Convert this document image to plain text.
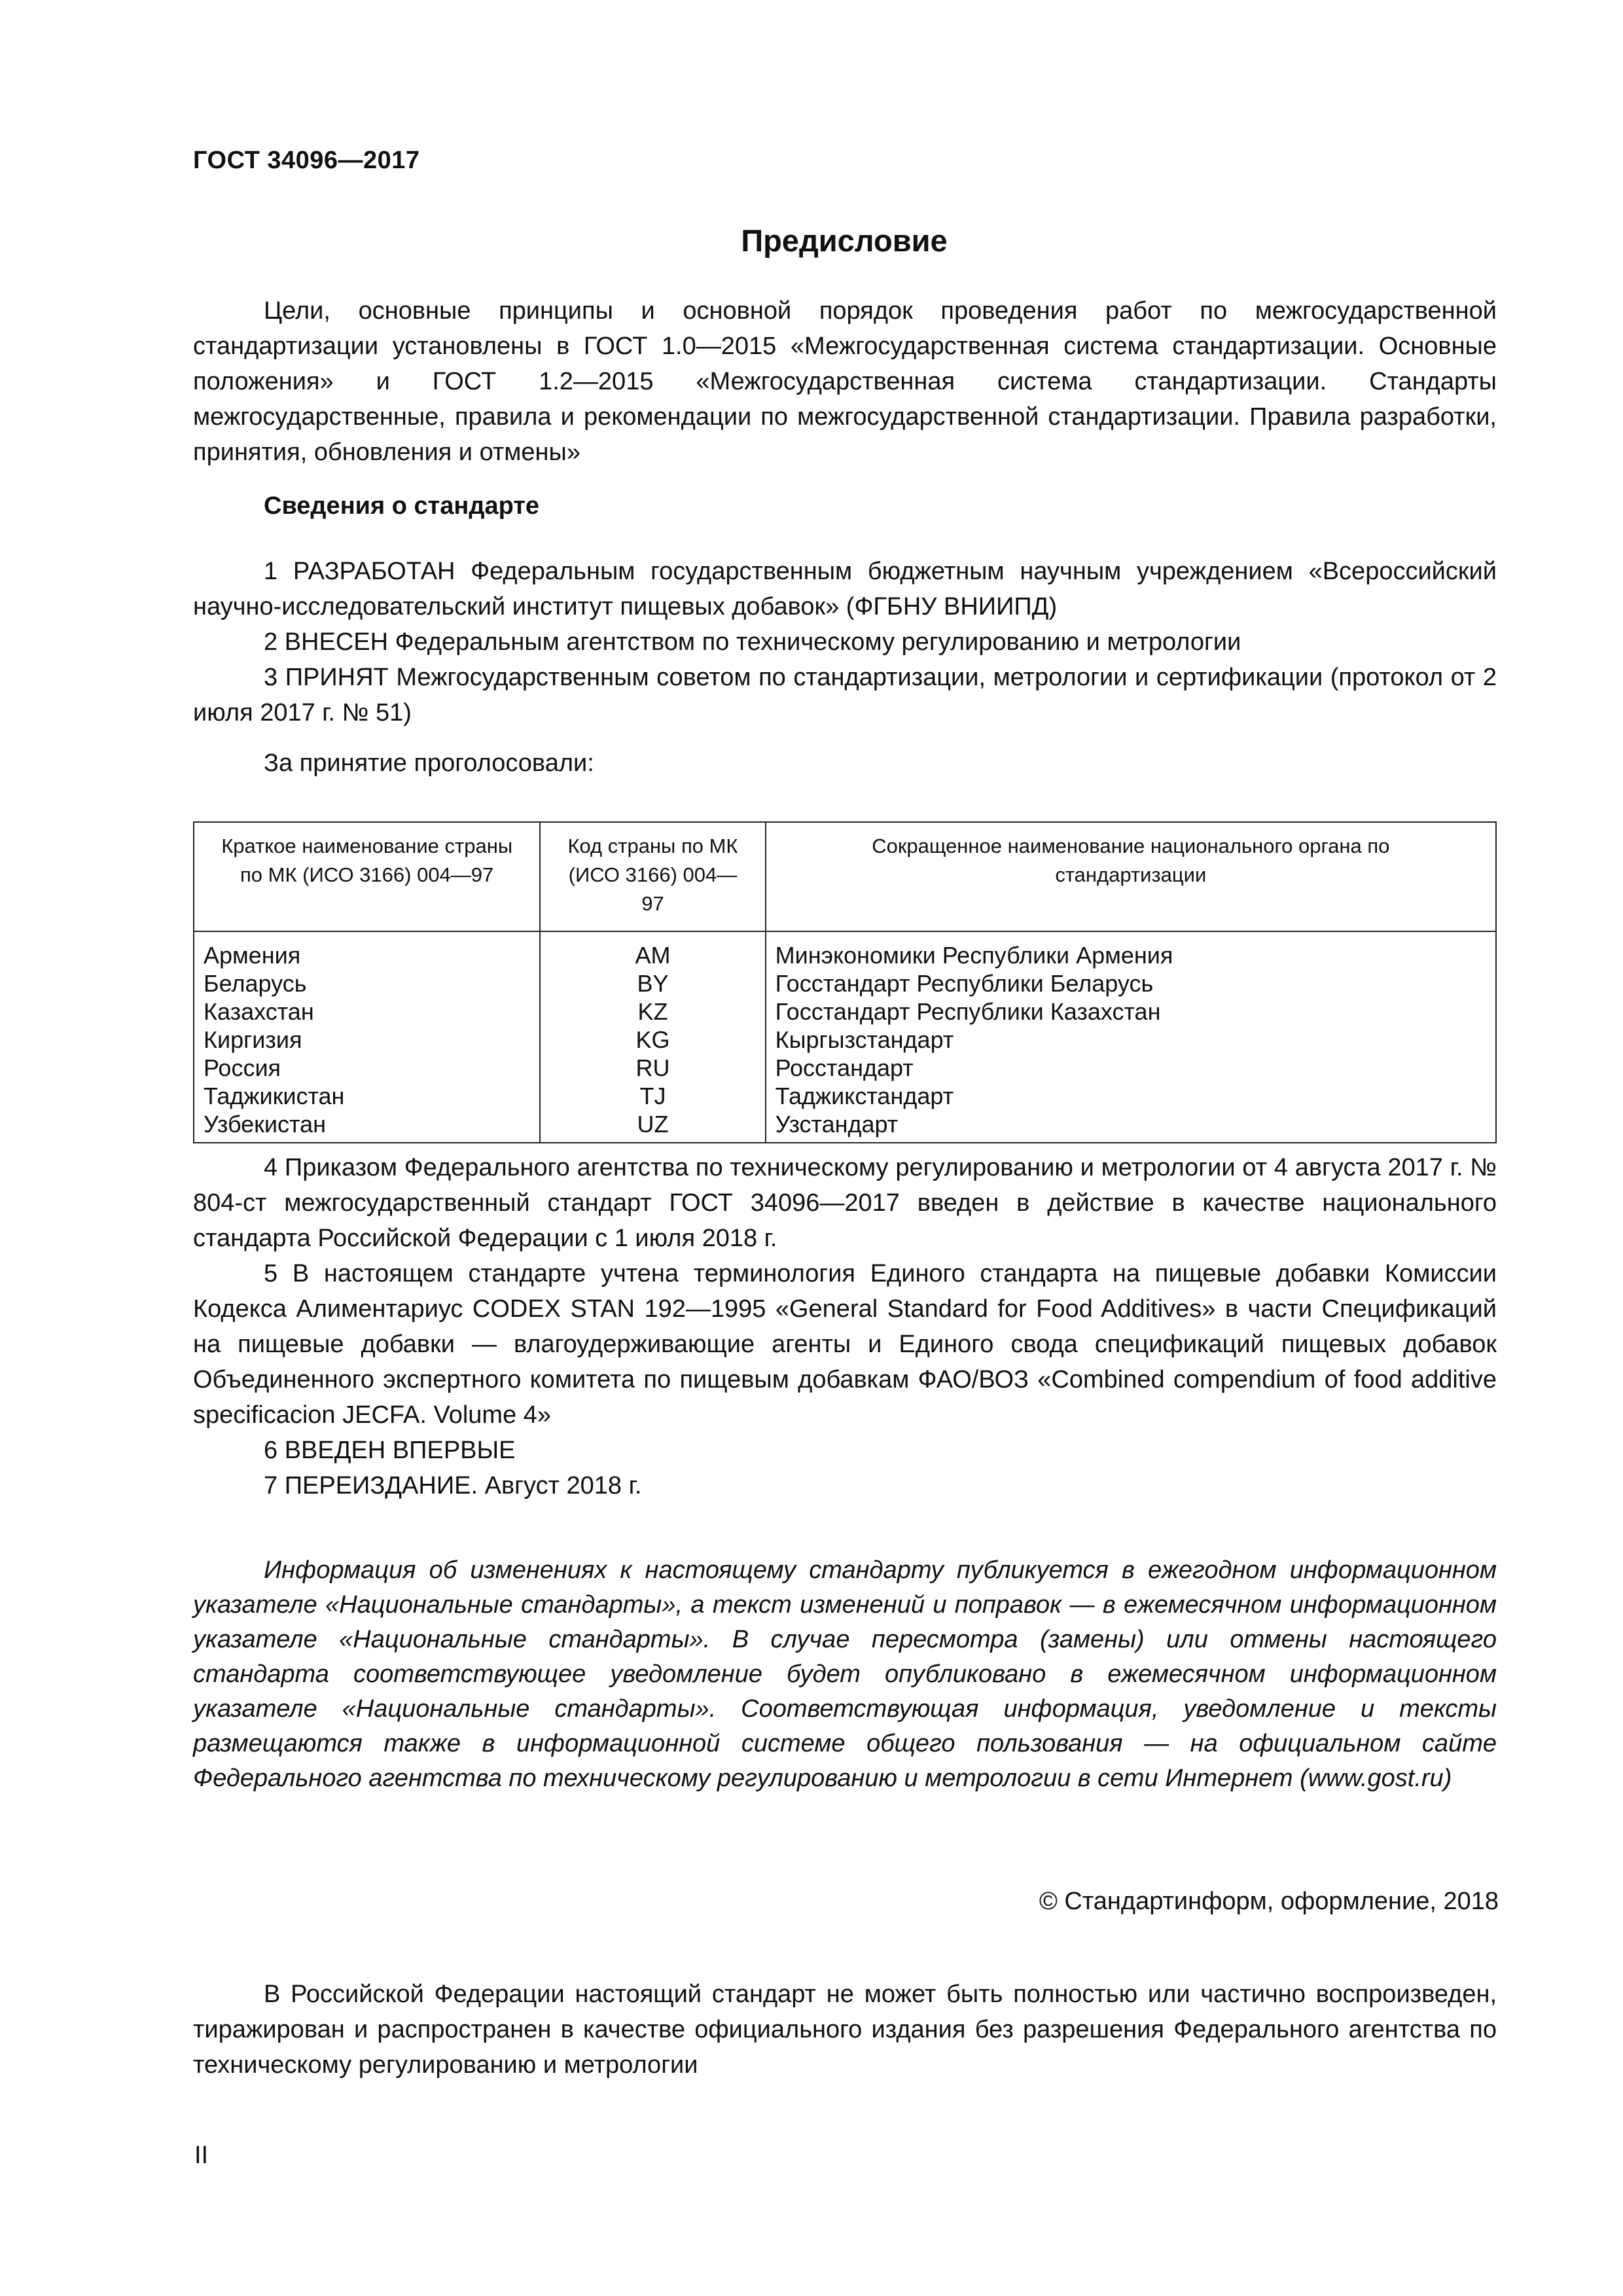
ГОСТ 34096—2017
Предисловие

Цели, основные принципы и основной порядок проведения работ по межгосударственной стандартизации установлены в ГОСТ 1.0—2015 «Межгосударственная система стандартизации. Основные положения» и ГОСТ 1.2—2015 «Межгосударственная система стандартизации. Стандарты межгосударственные, правила и рекомендации по межгосударственной стандартизации. Правила разработки, принятия, обновления и отмены»

Сведения о стандарте

1 РАЗРАБОТАН Федеральным государственным бюджетным научным учреждением «Всероссийский научно-исследовательский институт пищевых добавок» (ФГБНУ ВНИИПД)

2 ВНЕСЕН Федеральным агентством по техническому регулированию и метрологии

3 ПРИНЯТ Межгосударственным советом по стандартизации, метрологии и сертификации (протокол от 2 июля 2017 г. № 51)

За принятие проголосовали:
Краткое наименование страны по МК (ИСО 3166) 004—97	Код страны по МК (ИСО 3166) 004—97	Сокращенное наименование национального органа по стандартизации
Армения	AM	Минэкономики Республики Армения
Беларусь	BY	Госстандарт Республики Беларусь
Казахстан	KZ	Госстандарт Республики Казахстан
Киргизия	KG	Кыргызстандарт
Россия	RU	Росстандарт
Таджикистан	TJ	Таджикстандарт
Узбекистан	UZ	Узстандарт

4 Приказом Федерального агентства по техническому регулированию и метрологии от 4 августа 2017 г. № 804-ст межгосударственный стандарт ГОСТ 34096—2017 введен в действие в качестве национального стандарта Российской Федерации с 1 июля 2018 г.

5 В настоящем стандарте учтена терминология Единого стандарта на пищевые добавки Комиссии Кодекса Алиментариус CODEX STAN 192—1995 «General Standard for Food Additives» в части Спецификаций на пищевые добавки — влагоудерживающие агенты и Единого свода спецификаций пищевых добавок Объединенного экспертного комитета по пищевым добавкам ФАО/ВОЗ «Combined compendium of food additive specificacion JECFA. Volume 4»

6 ВВЕДЕН ВПЕРВЫЕ

7 ПЕРЕИЗДАНИЕ. Август 2018 г.

Информация об изменениях к настоящему стандарту публикуется в ежегодном информационном указателе «Национальные стандарты», а текст изменений и поправок — в ежемесячном информационном указателе «Национальные стандарты». В случае пересмотра (замены) или отмены настоящего стандарта соответствующее уведомление будет опубликовано в ежемесячном информационном указателе «Национальные стандарты». Соответствующая информация, уведомление и тексты размещаются также в информационной системе общего пользования — на официальном сайте Федерального агентства по техническому регулированию и метрологии в сети Интернет (www.gost.ru)

© Стандартинформ, оформление, 2018

В Российской Федерации настоящий стандарт не может быть полностью или частично воспроизведен, тиражирован и распространен в качестве официального издания без разрешения Федерального агентства по техническому регулированию и метрологии

II
